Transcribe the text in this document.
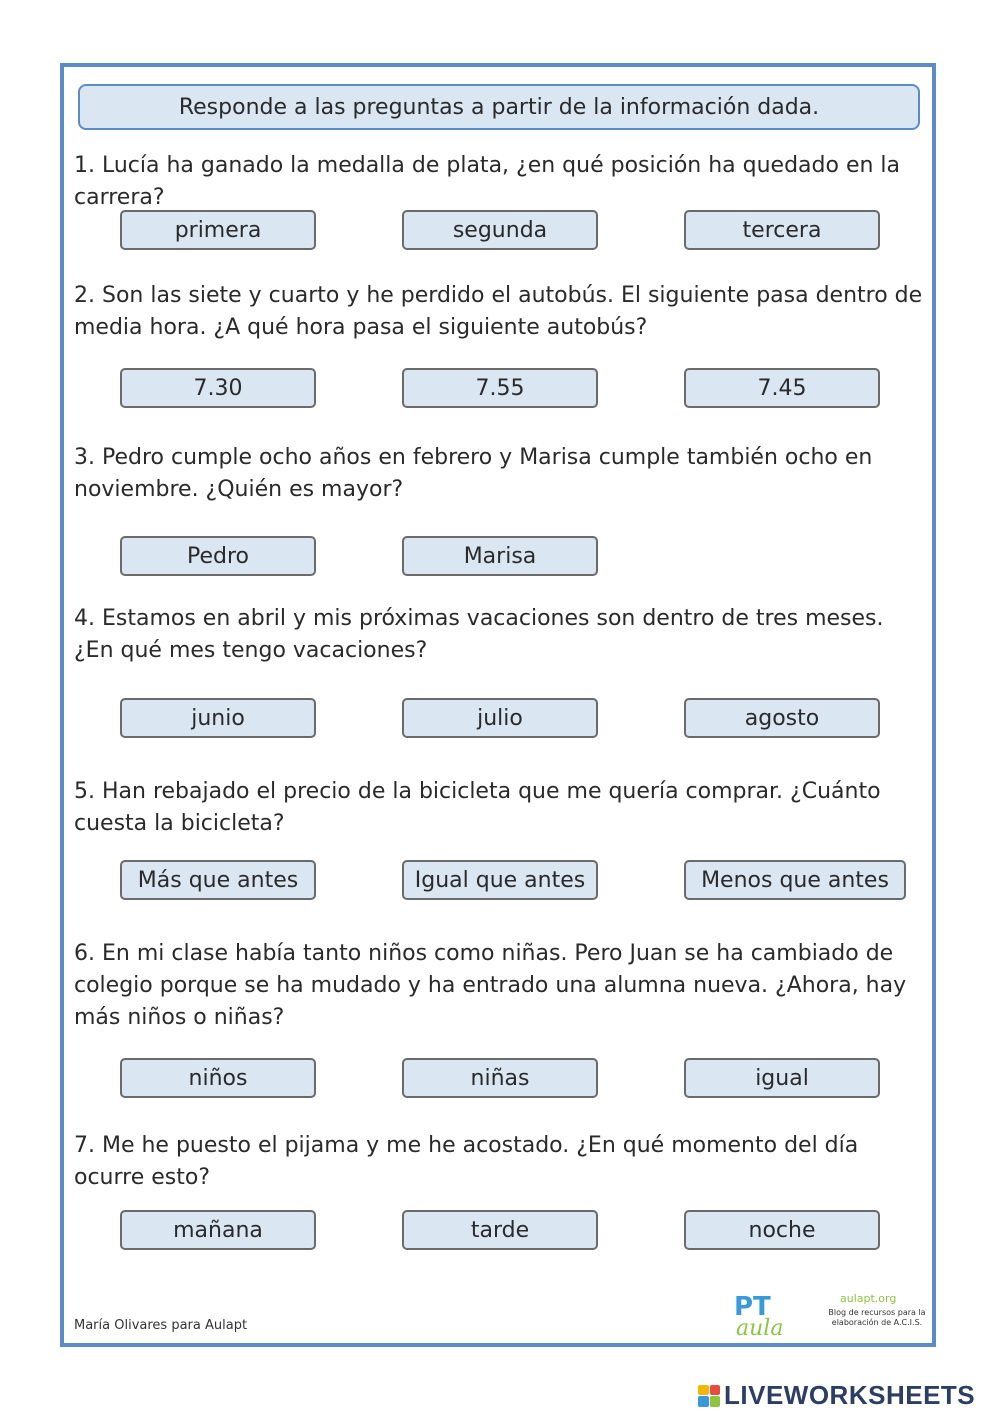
Responde a las preguntas a partir de la información dada.
1. Lucía ha ganado la medalla de plata, ¿en qué posición ha quedado en la carrera?
primera	segunda	tercera
2. Son las siete y cuarto y he perdido el autobús. El siguiente pasa dentro de media hora. ¿A qué hora pasa el siguiente autobús?
7.30	7.55	7.45
3. Pedro cumple ocho años en febrero y Marisa cumple también ocho en noviembre. ¿Quién es mayor?
Pedro	Marisa
4. Estamos en abril y mis próximas vacaciones son dentro de tres meses. ¿En qué mes tengo vacaciones?
junio	julio	agosto
5. Han rebajado el precio de la bicicleta que me quería comprar. ¿Cuánto cuesta la bicicleta?
Más que antes	Igual que antes	Menos que antes
6. En mi clase había tanto niños como niñas. Pero Juan se ha cambiado de colegio porque se ha mudado y ha entrado una alumna nueva. ¿Ahora, hay más niños o niñas?
niños	niñas	igual
7. Me he puesto el pijama y me he acostado. ¿En qué momento del día ocurre esto?
mañana	tarde	noche
María Olivares para Aulapt
PT
aula
aulapt.org
Blog de recursos para la elaboración de A.C.I.S.
LIVEWORKSHEETS
